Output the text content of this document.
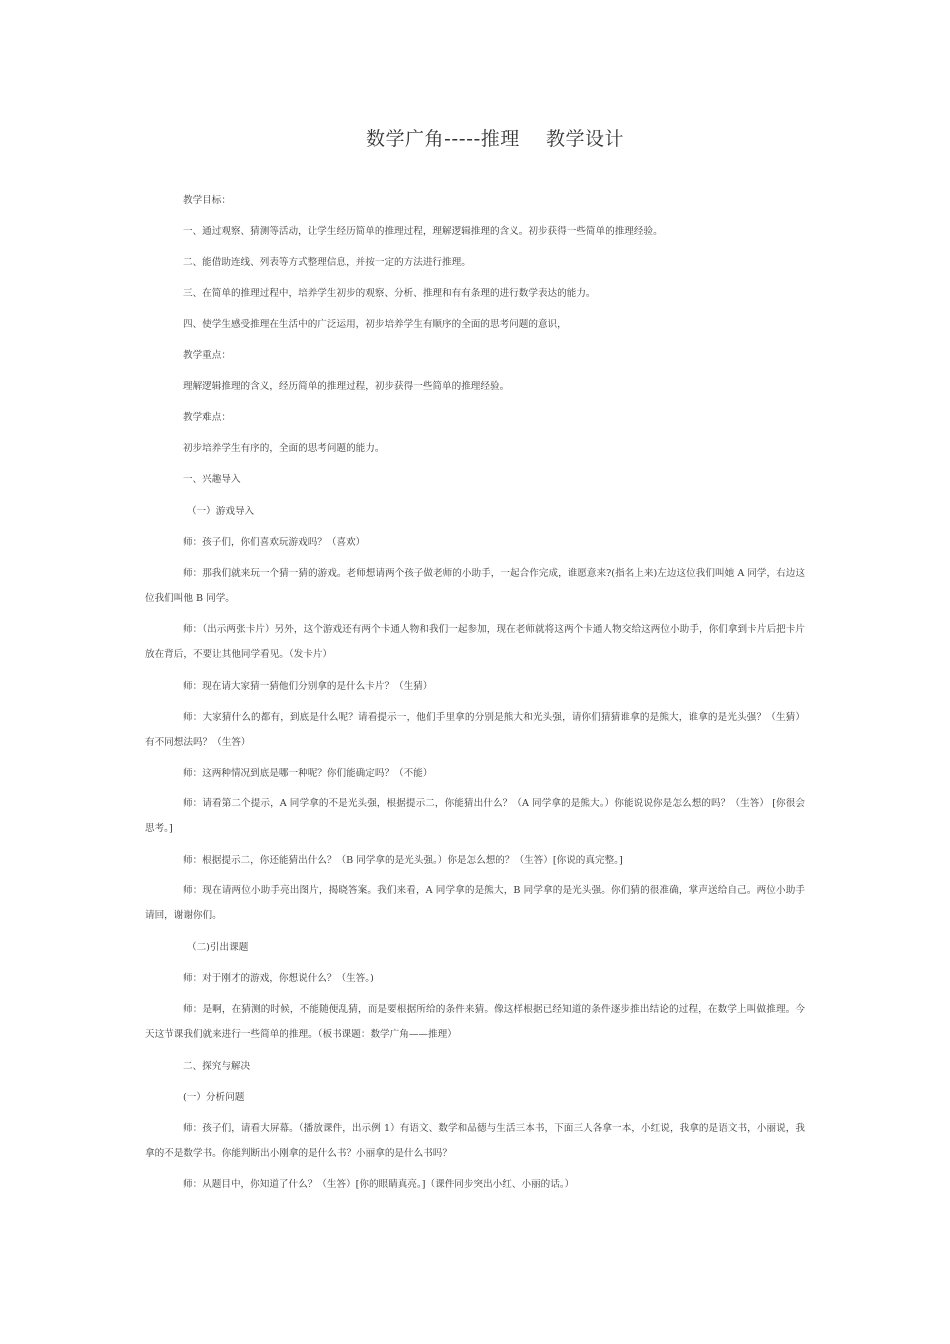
数学广角-----推理    教学设计
教学目标：
一、通过观察、猜测等活动，让学生经历简单的推理过程，理解逻辑推理的含义。初步获得一些简单的推理经验。
二、能借助连线、列表等方式整理信息，并按一定的方法进行推理。
三、在简单的推理过程中，培养学生初步的观察、分析、推理和有有条理的进行数学表达的能力。
四、使学生感受推理在生活中的广泛运用，初步培养学生有顺序的全面的思考问题的意识，
教学重点：
理解逻辑推理的含义，经历简单的推理过程，初步获得一些简单的推理经验。
教学难点：
初步培养学生有序的，全面的思考问题的能力。
一、兴趣导入
（一）游戏导入
师：孩子们，你们喜欢玩游戏吗？（喜欢）
师：那我们就来玩一个猜一猜的游戏。老师想请两个孩子做老师的小助手，一起合作完成，谁愿意来?(指名上来)左边这位我们叫她 A 同学，右边这位我们叫他 B 同学。
师：（出示两张卡片）另外，这个游戏还有两个卡通人物和我们一起参加，现在老师就将这两个卡通人物交给这两位小助手，你们拿到卡片后把卡片放在背后，不要让其他同学看见。（发卡片）
师：现在请大家猜一猜他们分别拿的是什么卡片？（生猜）
师：大家猜什么的都有，到底是什么呢？请看提示一，他们手里拿的分别是熊大和光头强，请你们猜猜谁拿的是熊大，谁拿的是光头强？（生猜）有不同想法吗？（生答）
师：这两种情况到底是哪一种呢？你们能确定吗？（不能）
师：请看第二个提示，A 同学拿的不是光头强，根据提示二，你能猜出什么？（A 同学拿的是熊大。）你能说说你是怎么想的吗？（生答） [你很会思考。]
师：根据提示二，你还能猜出什么？（B 同学拿的是光头强。）你是怎么想的？（生答）[你说的真完整。]
师：现在请两位小助手亮出图片，揭晓答案。我们来看，A 同学拿的是熊大，B 同学拿的是光头强。你们猜的很准确，掌声送给自己。两位小助手请回，谢谢你们。
（二)引出课题
师：对于刚才的游戏，你想说什么？（生答。)
师：是啊，在猜测的时候，不能随便乱猜，而是要根据所给的条件来猜。像这样根据已经知道的条件逐步推出结论的过程，在数学上叫做推理。今天这节课我们就来进行一些简单的推理。（板书课题：数学广角——推理）
二、探究与解决
(一）分析问题
师：孩子们，请看大屏幕。（播放课件，出示例 1）有语文、数学和品德与生活三本书，下面三人各拿一本，小红说，我拿的是语文书，小丽说，我拿的不是数学书。你能判断出小刚拿的是什么书？小丽拿的是什么书吗？
师：从题目中，你知道了什么？（生答）[你的眼睛真亮。]（课件同步突出小红、小丽的话。）
